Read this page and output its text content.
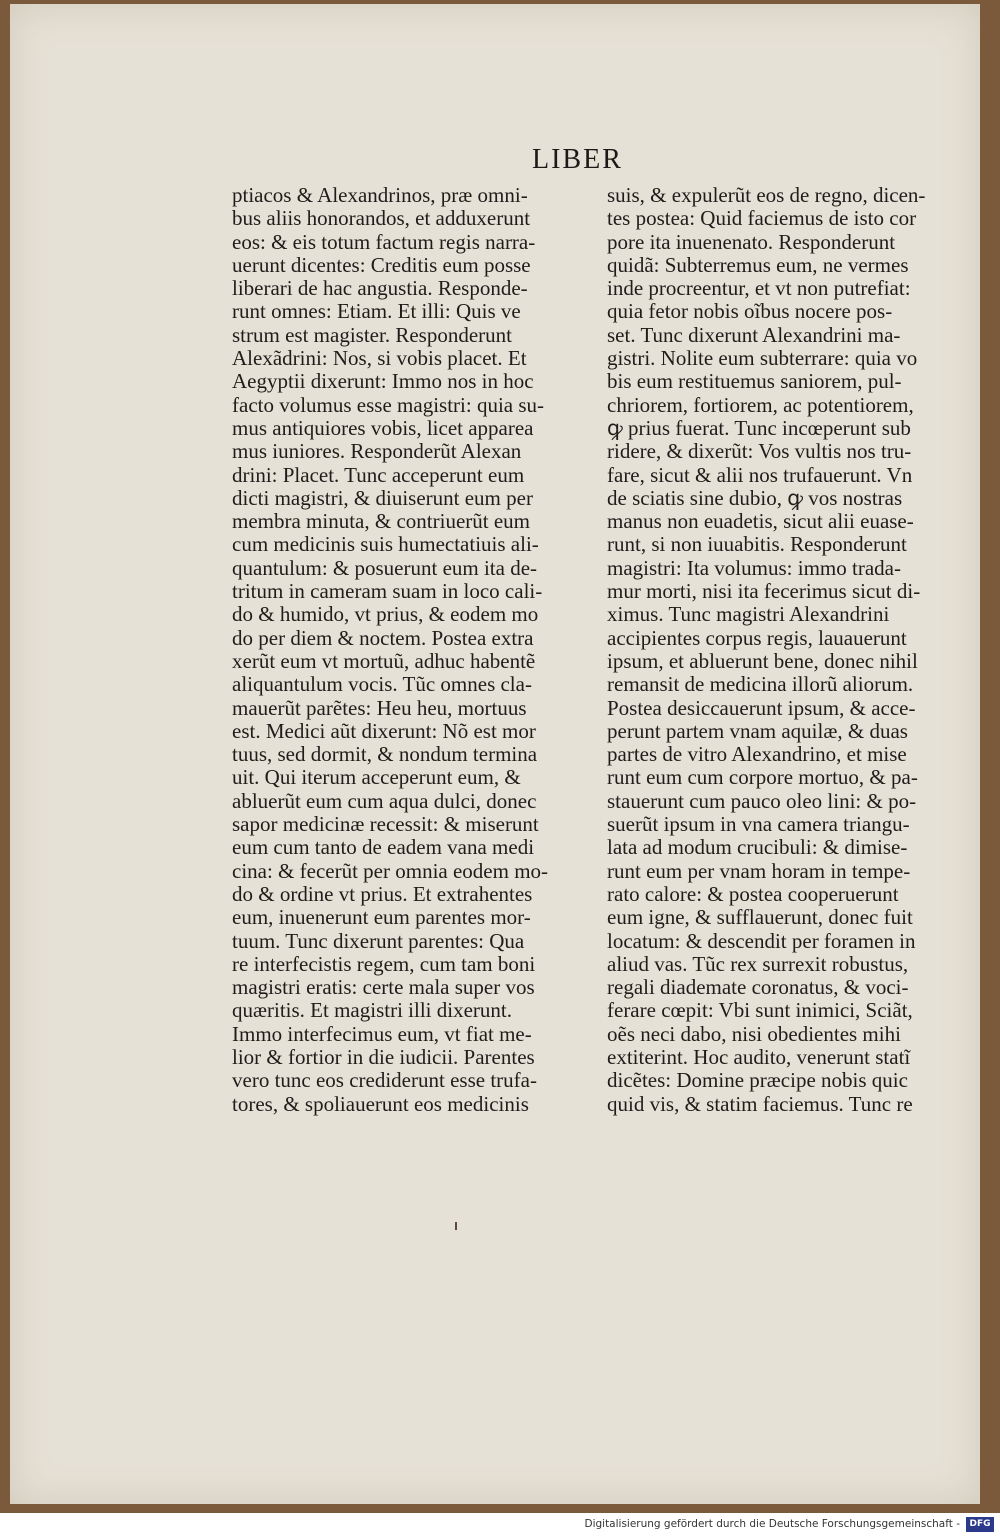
LIBER
ptiacos & Alexandrinos, præ omni-
bus aliis honorandos, et adduxerunt
eos: & eis totum factum regis narra-
uerunt dicentes: Creditis eum posse
liberari de hac angustia. Responde-
runt omnes: Etiam. Et illi: Quis ve
strum est magister. Responderunt
Alexãdrini: Nos, si vobis placet. Et
Aegyptii dixerunt: Immo nos in hoc
facto volumus esse magistri: quia su-
mus antiquiores vobis, licet apparea
mus iuniores. Responderũt Alexan
drini: Placet. Tunc acceperunt eum
dicti magistri, & diuiserunt eum per
membra minuta, & contriuerũt eum
cum medicinis suis humectatiuis ali-
quantulum: & posuerunt eum ita de-
tritum in cameram suam in loco cali-
do & humido, vt prius, & eodem mo
do per diem & noctem. Postea extra
xerũt eum vt mortuũ, adhuc habentẽ
aliquantulum vocis. Tũc omnes cla-
mauerũt parẽtes: Heu heu, mortuus
est. Medici aũt dixerunt: Nõ est mor
tuus, sed dormit, & nondum termina
uit. Qui iterum acceperunt eum, &
abluerũt eum cum aqua dulci, donec
sapor medicinæ recessit: & miserunt
eum cum tanto de eadem vana medi
cina: & fecerũt per omnia eodem mo-
do & ordine vt prius. Et extrahentes
eum, inuenerunt eum parentes mor-
tuum. Tunc dixerunt parentes: Qua
re interfecistis regem, cum tam boni
magistri eratis: certe mala super vos
quæritis. Et magistri illi dixerunt.
Immo interfecimus eum, vt fiat me-
lior & fortior in die iudicii. Parentes
vero tunc eos crediderunt esse trufa-
tores, & spoliauerunt eos medicinis
suis, & expulerũt eos de regno, dicen-
tes postea: Quid faciemus de isto cor
pore ita inuenenato. Responderunt
quidã: Subterremus eum, ne vermes
inde procreentur, et vt non putrefiat:
quia fetor nobis oĩbus nocere pos-
set. Tunc dixerunt Alexandrini ma-
gistri. Nolite eum subterrare: quia vo
bis eum restituemus saniorem, pul-
chriorem, fortiorem, ac potentiorem,
ꝙ prius fuerat. Tunc incœperunt sub
ridere, & dixerũt: Vos vultis nos tru-
fare, sicut & alii nos trufauerunt. Vn
de sciatis sine dubio, ꝙ vos nostras
manus non euadetis, sicut alii euase-
runt, si non iuuabitis. Responderunt
magistri: Ita volumus: immo trada-
mur morti, nisi ita fecerimus sicut di-
ximus. Tunc magistri Alexandrini
accipientes corpus regis, lauauerunt
ipsum, et abluerunt bene, donec nihil
remansit de medicina illorũ aliorum.
Postea desiccauerunt ipsum, & acce-
perunt partem vnam aquilæ, & duas
partes de vitro Alexandrino, et mise
runt eum cum corpore mortuo, & pa-
stauerunt cum pauco oleo lini: & po-
suerũt ipsum in vna camera triangu-
lata ad modum crucibuli: & dimise-
runt eum per vnam horam in tempe-
rato calore: & postea cooperuerunt
eum igne, & sufflauerunt, donec fuit
locatum: & descendit per foramen in
aliud vas. Tũc rex surrexit robustus,
regali diademate coronatus, & voci-
ferare cœpit: Vbi sunt inimici, Sciãt,
oẽs neci dabo, nisi obedientes mihi
extiterint. Hoc audito, venerunt statĩ
dicẽtes: Domine præcipe nobis quic
quid vis, & statim faciemus. Tunc re
Digitalisierung gefördert durch die Deutsche Forschungsgemeinschaft -	DFG
